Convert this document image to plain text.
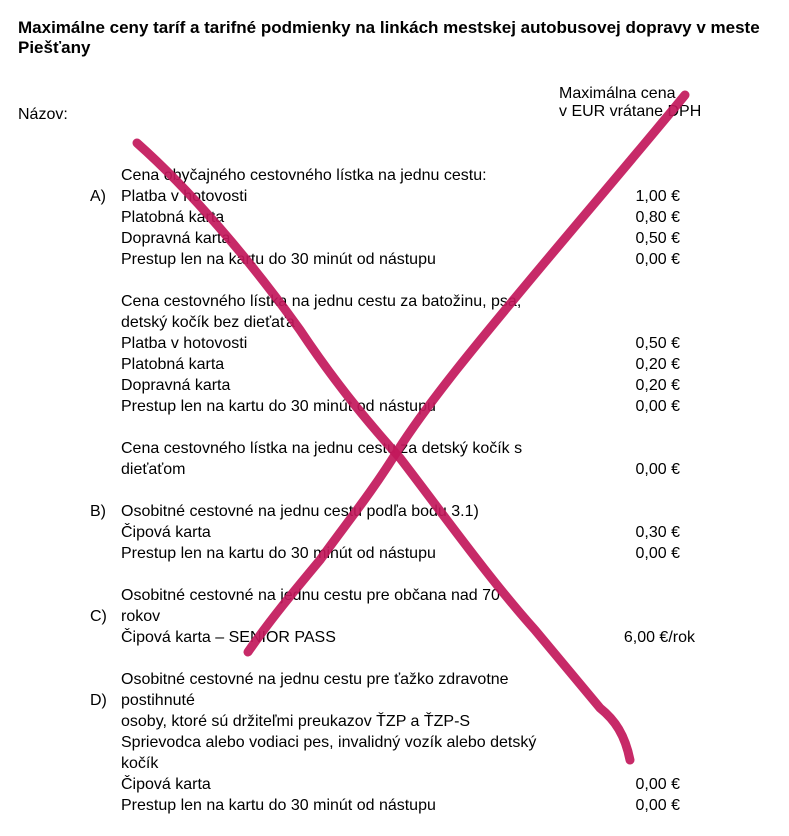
Maximálne ceny taríf a tarifné podmienky na linkách mestskej autobusovej dopravy v meste Piešťany
Názov:
Maximálna cena
v EUR vrátane DPH
A)
Cena obyčajného cestovného lístka na jednu cestu:
Platba v hotovosti	1,00 €
Platobná karta	0,80 €
Dopravná karta	0,50 €
Prestup len na kartu do 30 minút od nástupu	0,00 €
Cena cestovného lístka na jednu cestu za batožinu, psa,
detský kočík bez dieťaťa
Platba v hotovosti	0,50 €
Platobná karta	0,20 €
Dopravná karta	0,20 €
Prestup len na kartu do 30 minút od nástupu	0,00 €
Cena cestovného lístka na jednu cestu za detský kočík s
dieťaťom	0,00 €
B) Osobitné cestovné na jednu cestu podľa bodu 3.1)
Čipová karta	0,30 €
Prestup len na kartu do 30 minút od nástupu	0,00 €
C)
Osobitné cestovné na jednu cestu pre občana nad 70
rokov
Čipová karta – SENIOR PASS	6,00 €/rok
D)
Osobitné cestovné na jednu cestu pre ťažko zdravotne
postihnuté
osoby, ktoré sú držiteľmi preukazov ŤZP a ŤZP-S
Sprievodca alebo vodiaci pes, invalidný vozík alebo detský
kočík
Čipová karta	0,00 €
Prestup len na kartu do 30 minút od nástupu	0,00 €
